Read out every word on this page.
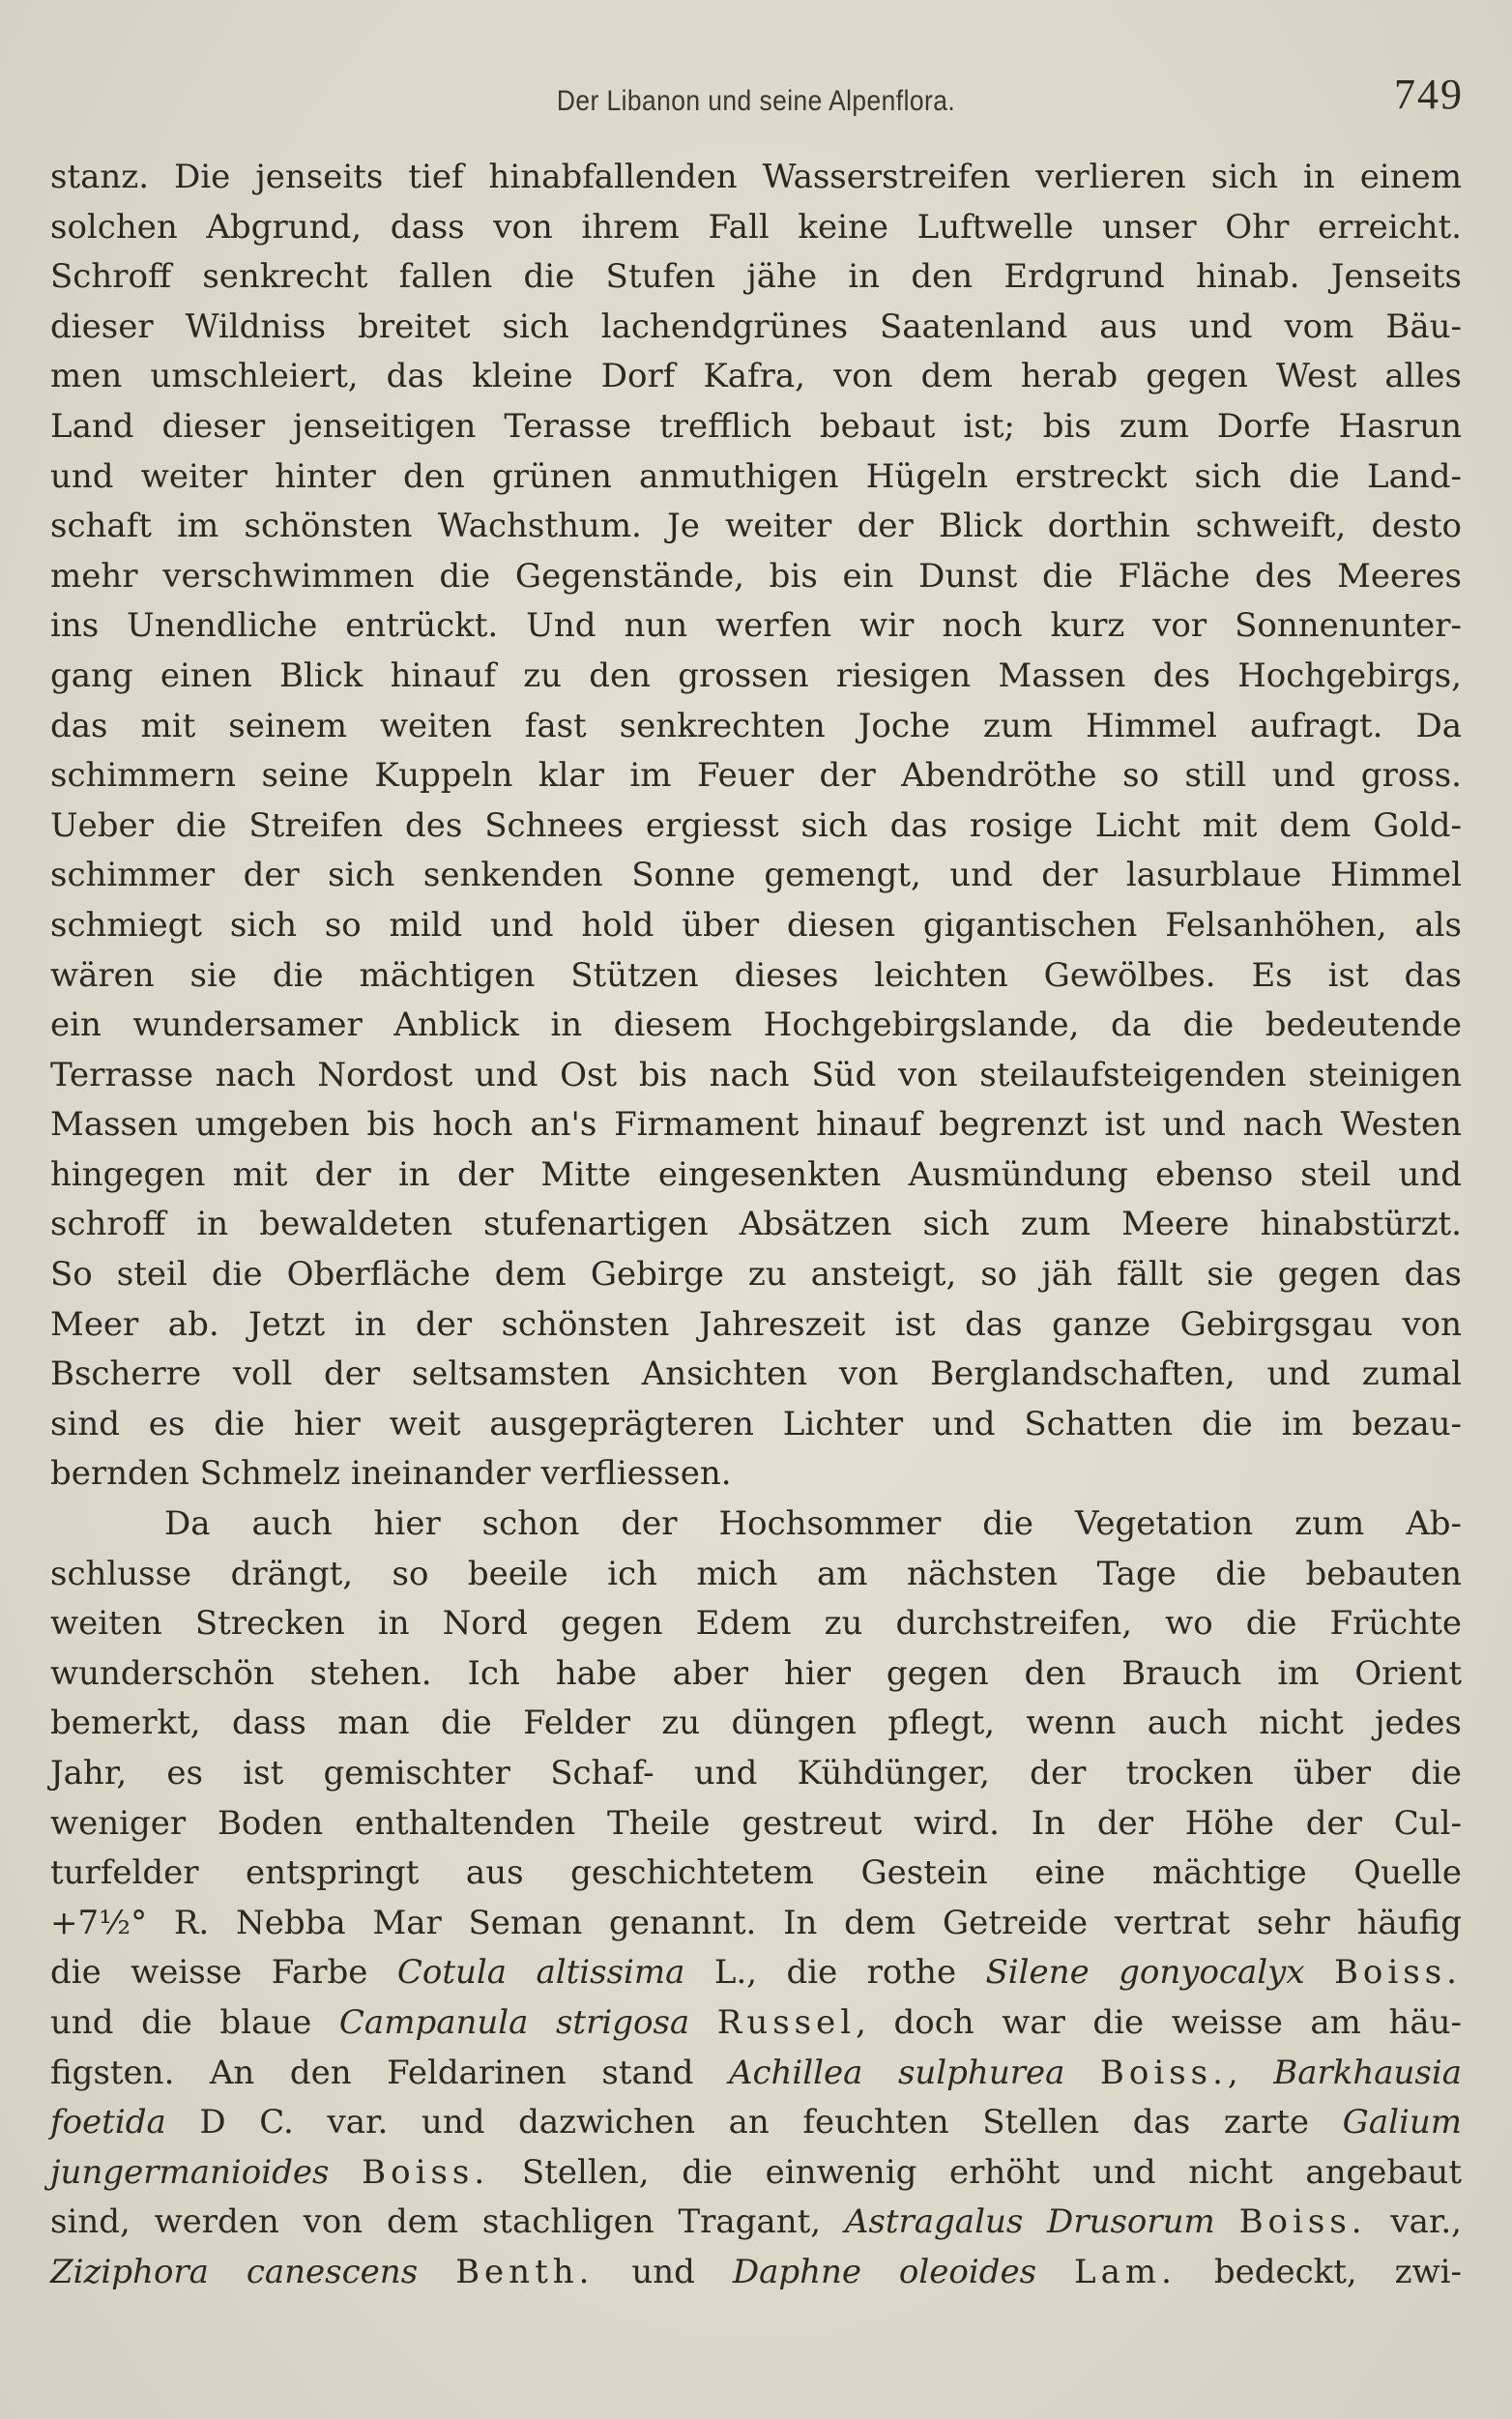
Der Libanon und seine Alpenflora.	749
stanz. Die jenseits tief hinabfallenden Wasserstreifen verlieren sich in einem
solchen Abgrund, dass von ihrem Fall keine Luftwelle unser Ohr erreicht.
Schroff senkrecht fallen die Stufen jähe in den Erdgrund hinab. Jenseits
dieser Wildniss breitet sich lachendgrünes Saatenland aus und vom Bäu-
men umschleiert, das kleine Dorf Kafra, von dem herab gegen West alles
Land dieser jenseitigen Terasse trefflich bebaut ist; bis zum Dorfe Hasrun
und weiter hinter den grünen anmuthigen Hügeln erstreckt sich die Land-
schaft im schönsten Wachsthum. Je weiter der Blick dorthin schweift, desto
mehr verschwimmen die Gegenstände, bis ein Dunst die Fläche des Meeres
ins Unendliche entrückt. Und nun werfen wir noch kurz vor Sonnenunter-
gang einen Blick hinauf zu den grossen riesigen Massen des Hochgebirgs,
das mit seinem weiten fast senkrechten Joche zum Himmel aufragt. Da
schimmern seine Kuppeln klar im Feuer der Abendröthe so still und gross.
Ueber die Streifen des Schnees ergiesst sich das rosige Licht mit dem Gold-
schimmer der sich senkenden Sonne gemengt, und der lasurblaue Himmel
schmiegt sich so mild und hold über diesen gigantischen Felsanhöhen, als
wären sie die mächtigen Stützen dieses leichten Gewölbes. Es ist das
ein wundersamer Anblick in diesem Hochgebirgslande, da die bedeutende
Terrasse nach Nordost und Ost bis nach Süd von steilaufsteigenden steinigen
Massen umgeben bis hoch an's Firmament hinauf begrenzt ist und nach Westen
hingegen mit der in der Mitte eingesenkten Ausmündung ebenso steil und
schroff in bewaldeten stufenartigen Absätzen sich zum Meere hinabstürzt.
So steil die Oberfläche dem Gebirge zu ansteigt, so jäh fällt sie gegen das
Meer ab. Jetzt in der schönsten Jahreszeit ist das ganze Gebirgsgau von
Bscherre voll der seltsamsten Ansichten von Berglandschaften, und zumal
sind es die hier weit ausgeprägteren Lichter und Schatten die im bezau-
bernden Schmelz ineinander verfliessen.
Da auch hier schon der Hochsommer die Vegetation zum Ab-
schlusse drängt, so beeile ich mich am nächsten Tage die bebauten
weiten Strecken in Nord gegen Edem zu durchstreifen, wo die Früchte
wunderschön stehen. Ich habe aber hier gegen den Brauch im Orient
bemerkt, dass man die Felder zu düngen pflegt, wenn auch nicht jedes
Jahr, es ist gemischter Schaf- und Kühdünger, der trocken über die
weniger Boden enthaltenden Theile gestreut wird. In der Höhe der Cul-
turfelder entspringt aus geschichtetem Gestein eine mächtige Quelle
+7½° R. Nebba Mar Seman genannt. In dem Getreide vertrat sehr häufig
die weisse Farbe Cotula altissima L., die rothe Silene gonyocalyx Boiss.
und die blaue Campanula strigosa Russel, doch war die weisse am häu-
figsten. An den Feldarinen stand Achillea sulphurea Boiss., Barkhausia
foetida D C. var. und dazwichen an feuchten Stellen das zarte Galium
jungermanioides Boiss. Stellen, die einwenig erhöht und nicht angebaut
sind, werden von dem stachligen Tragant, Astragalus Drusorum Boiss. var.,
Ziziphora canescens Benth. und Daphne oleoides Lam. bedeckt, zwi-
